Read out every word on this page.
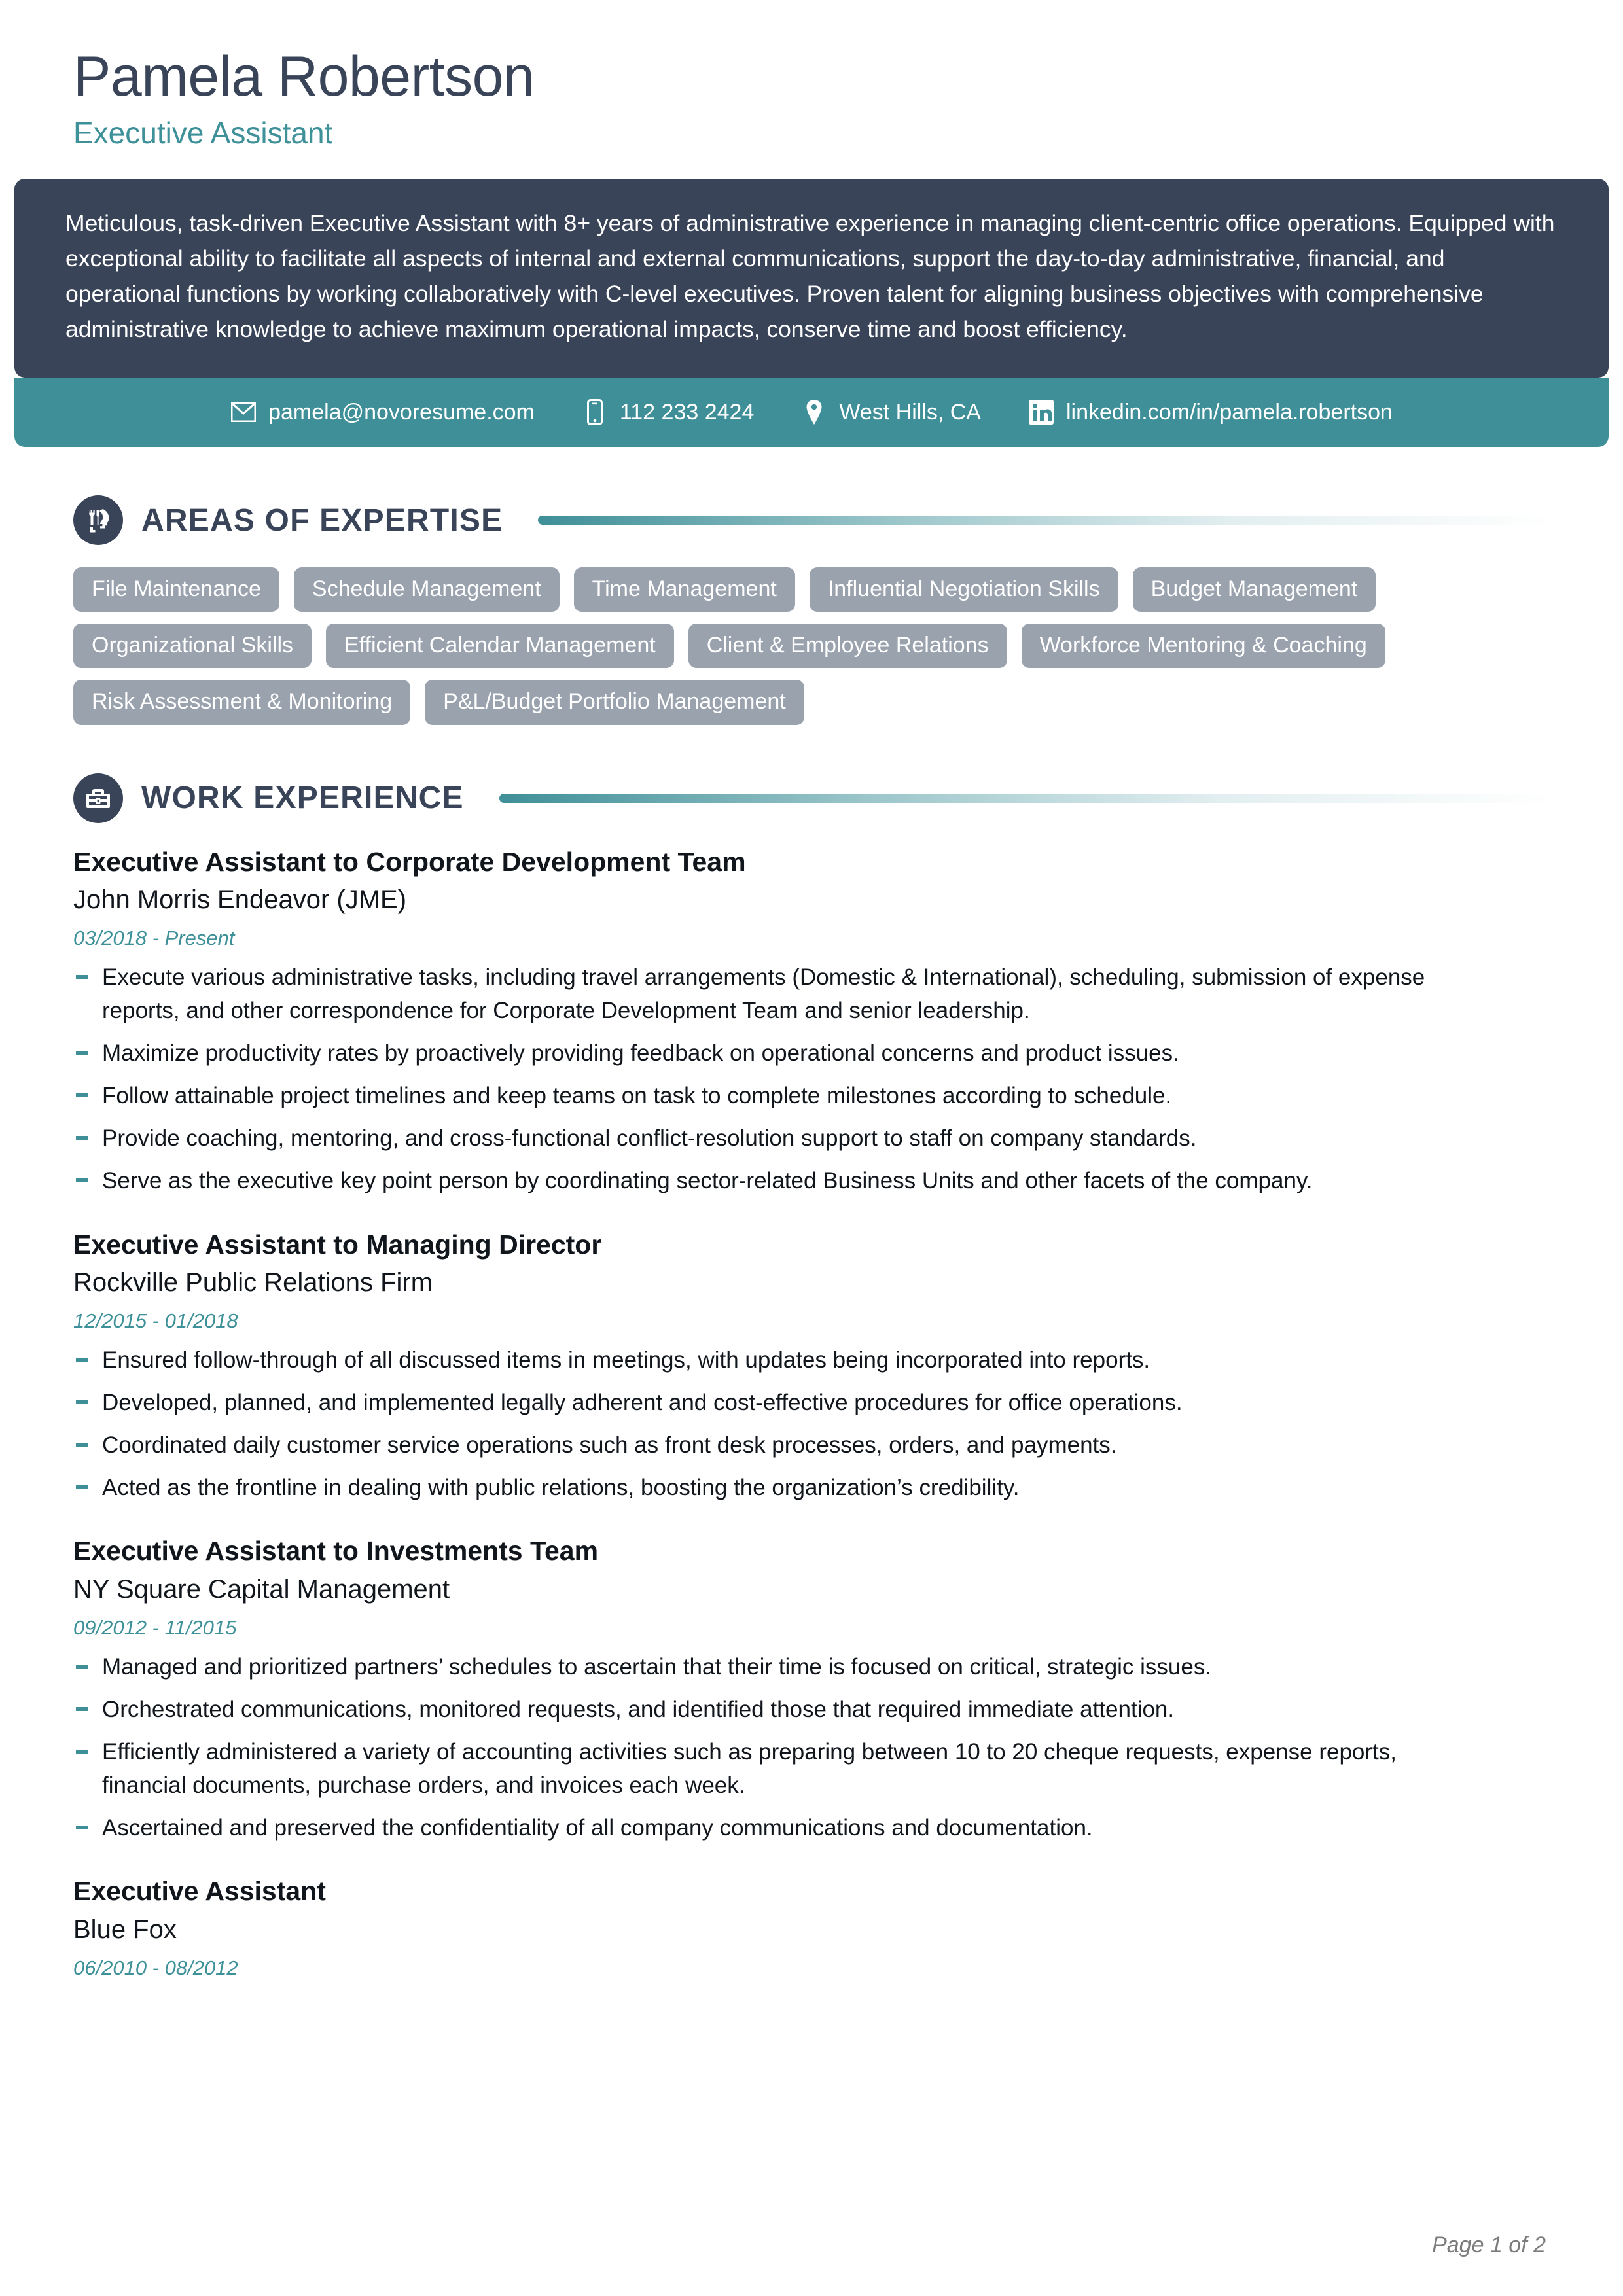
Pamela Robertson
Executive Assistant
Meticulous, task-driven Executive Assistant with 8+ years of administrative experience in managing client-centric office operations. Equipped with exceptional ability to facilitate all aspects of internal and external communications, support the day-to-day administrative, financial, and operational functions by working collaboratively with C-level executives. Proven talent for aligning business objectives with comprehensive administrative knowledge to achieve maximum operational impacts, conserve time and boost efficiency.
pamela@novoresume.com	112 233 2424	West Hills, CA	linkedin.com/in/pamela.robertson
AREAS OF EXPERTISE
File Maintenance	Schedule Management	Time Management	Influential Negotiation Skills	Budget Management
Organizational Skills	Efficient Calendar Management	Client & Employee Relations	Workforce Mentoring & Coaching
Risk Assessment & Monitoring	P&L/Budget Portfolio Management
WORK EXPERIENCE
Executive Assistant to Corporate Development Team
John Morris Endeavor (JME)
03/2018 - Present
Execute various administrative tasks, including travel arrangements (Domestic & International), scheduling, submission of expense reports, and other correspondence for Corporate Development Team and senior leadership.
Maximize productivity rates by proactively providing feedback on operational concerns and product issues.
Follow attainable project timelines and keep teams on task to complete milestones according to schedule.
Provide coaching, mentoring, and cross-functional conflict-resolution support to staff on company standards.
Serve as the executive key point person by coordinating sector-related Business Units and other facets of the company.
Executive Assistant to Managing Director
Rockville Public Relations Firm
12/2015 - 01/2018
Ensured follow-through of all discussed items in meetings, with updates being incorporated into reports.
Developed, planned, and implemented legally adherent and cost-effective procedures for office operations.
Coordinated daily customer service operations such as front desk processes, orders, and payments.
Acted as the frontline in dealing with public relations, boosting the organization’s credibility.
Executive Assistant to Investments Team
NY Square Capital Management
09/2012 - 11/2015
Managed and prioritized partners’ schedules to ascertain that their time is focused on critical, strategic issues.
Orchestrated communications, monitored requests, and identified those that required immediate attention.
Efficiently administered a variety of accounting activities such as preparing between 10 to 20 cheque requests, expense reports, financial documents, purchase orders, and invoices each week.
Ascertained and preserved the confidentiality of all company communications and documentation.
Executive Assistant
Blue Fox
06/2010 - 08/2012
Page 1 of 2
